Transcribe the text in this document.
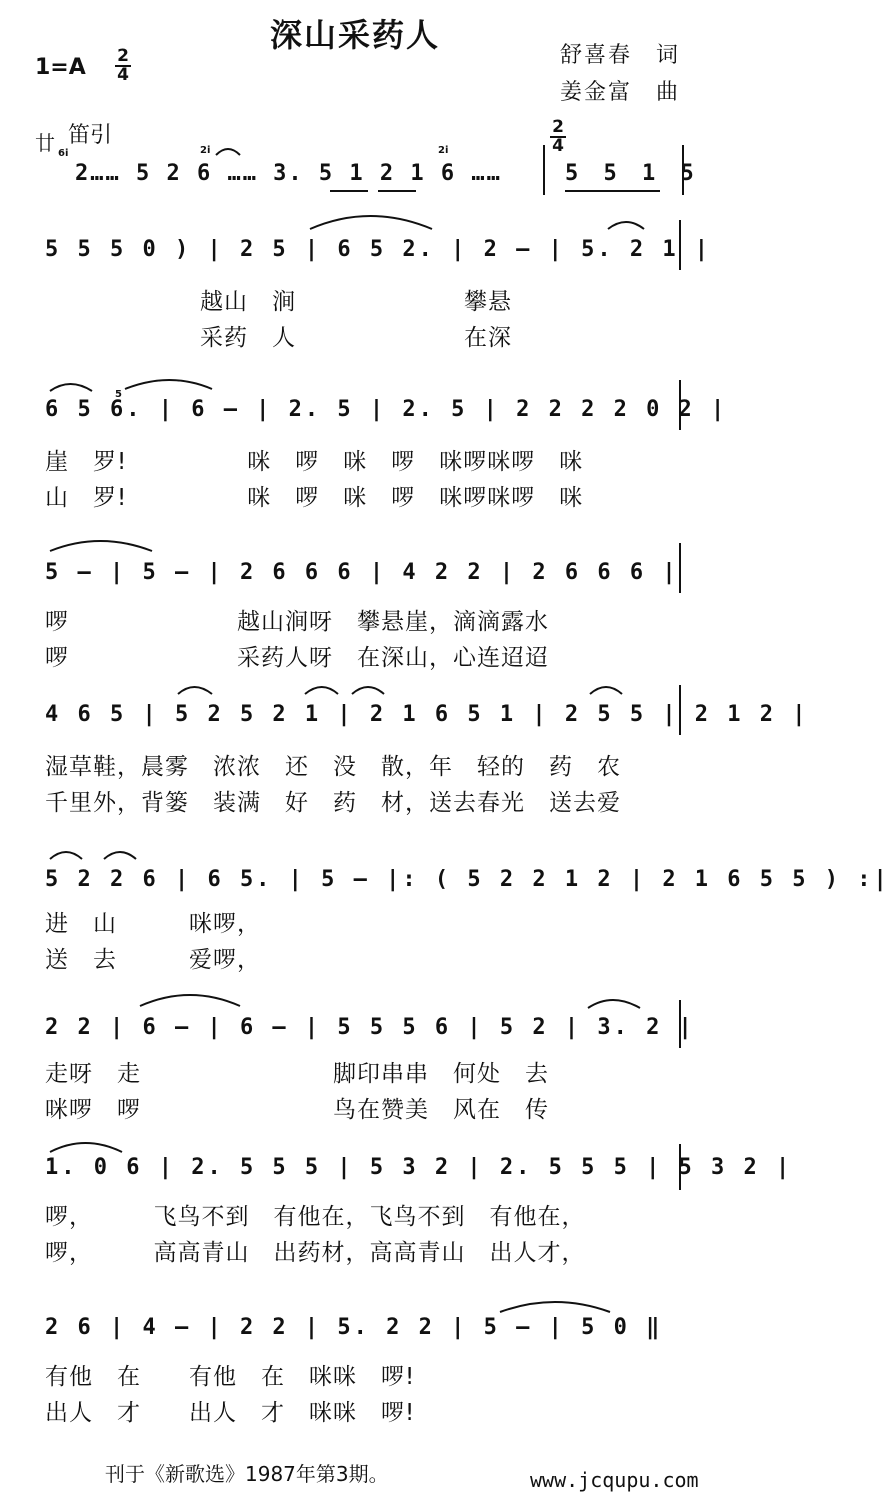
深山采药人
$1=A \frac{2}{4}$	舒喜春　词
姜金富　曲
廿 笛引
6i	2i	2i
2…… 5 2 6 …… 3. 5 1 2 1 6 ……
$\frac{2}{4}$
5 5 1 5
5 5 5 0 ) | 2 5 | 6 5 2. | 2 – | 5. 2 1 |
越山　涧　　　　　　　攀悬
采药　人　　　　　　　在深
6 5 6. | 6 – | 2. 5 | 2. 5 | 2 2 2 2 0 2 |
5
崖　罗!　　　　　咪　啰　咪　啰　咪啰咪啰　咪
山　罗!　　　　　咪　啰　咪　啰　咪啰咪啰　咪
5 – | 5 – | 2 6 6 6 | 4 2 2 | 2 6 6 6 |
啰　　　　　　　越山涧呀　攀悬崖，滴滴露水
啰　　　　　　　采药人呀　在深山，心连迢迢
4 6 5 | 5 2 5 2 1 | 2 1 6 5 1 | 2 5 5 | 2 1 2 |
湿草鞋，晨雾　浓浓　还　没　散，年　轻的　药　农
千里外，背篓　装满　好　药　材，送去春光　送去爱
5 2 2 6 | 6 5. | 5 – |: ( 5 2 2 1 2 | 2 1 6 5 5 ) :|
进　山　　　咪啰，
送　去　　　爱啰，
2 2 | 6 – | 6 – | 5 5 5 6 | 5 2 | 3. 2 |
走呀　走　　　　　　　　脚印串串　何处　去
咪啰　啰　　　　　　　　鸟在赞美　风在　传
1. 0 6 | 2. 5 5 5 | 5 3 2 | 2. 5 5 5 | 5 3 2 |
啰，　　　飞鸟不到　有他在，飞鸟不到　有他在，
啰，　　　高高青山　出药材，高高青山　出人才，
2 6 | 4 – | 2 2 | 5. 2 2 | 5 – | 5 0 ‖
有他　在　　有他　在　咪咪　啰!
出人　才　　出人　才　咪咪　啰!
刊于《新歌选》1987年第3期。	www.jcqupu.com
